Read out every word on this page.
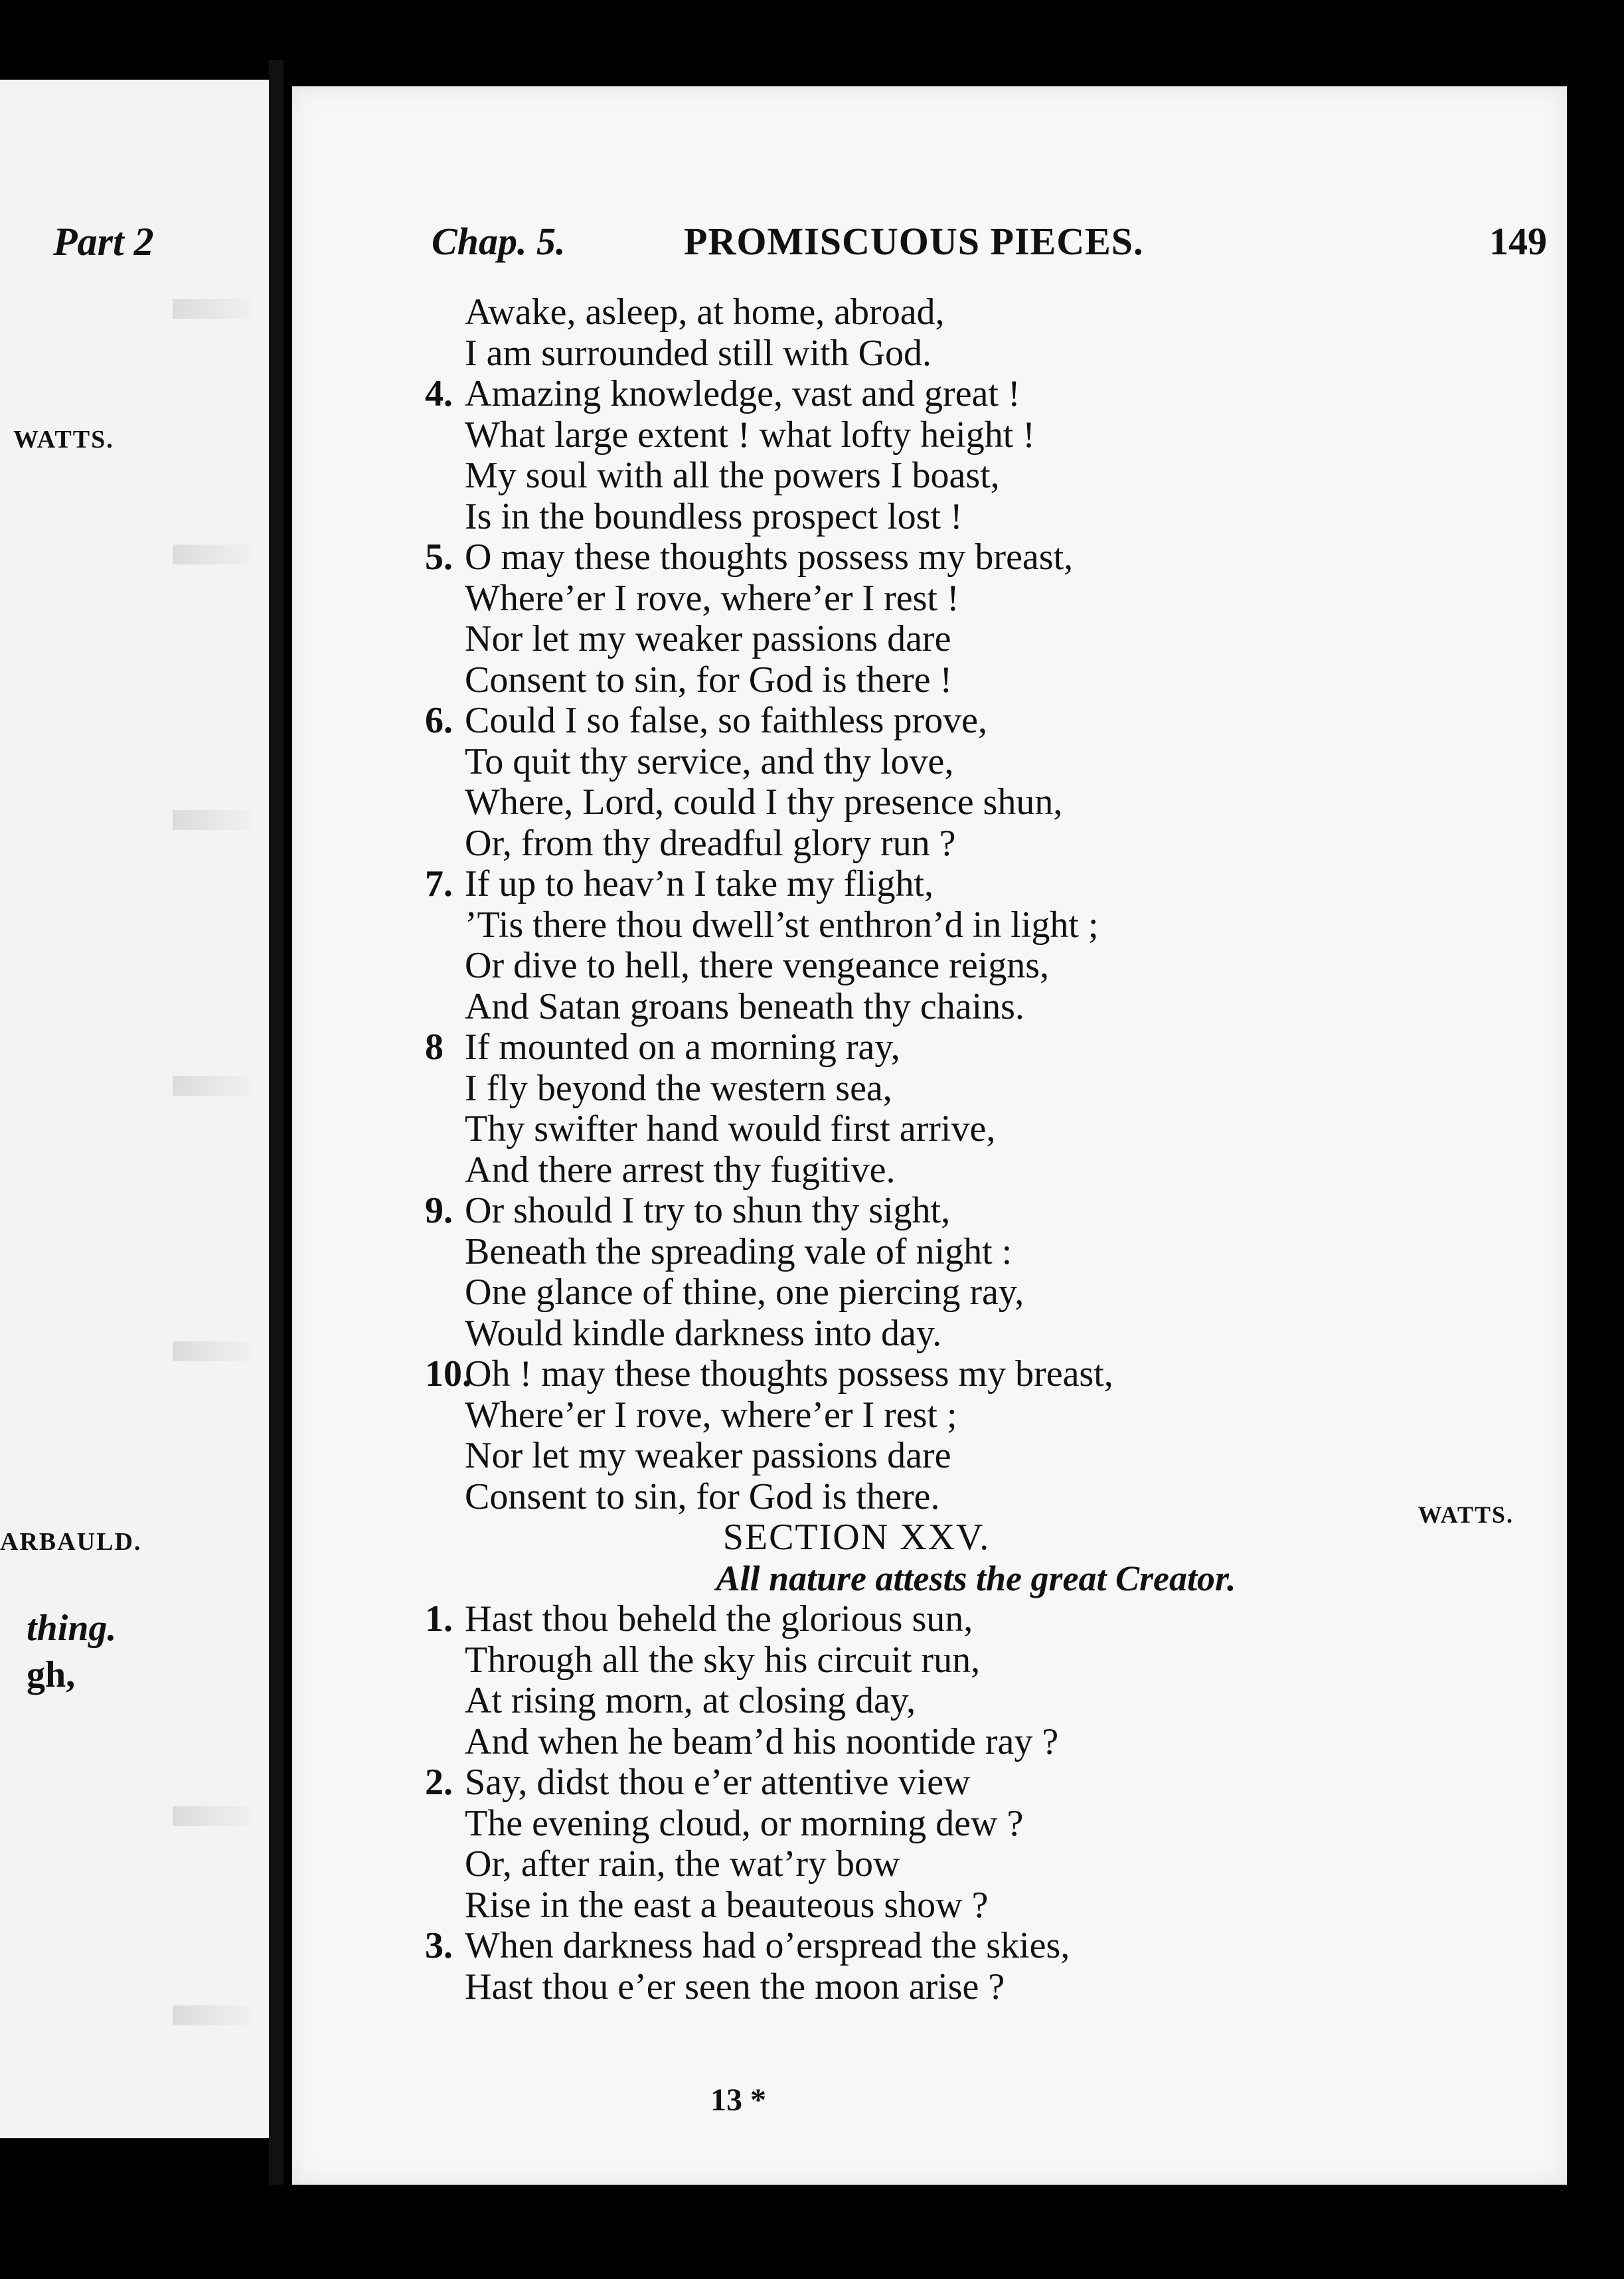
Part 2
WATTS.
ARBAULD.
thing.
gh,
Chap. 5.	PROMISCUOUS PIECES.	149
Awake, asleep, at home, abroad,
I am surrounded still with God.
4. Amazing knowledge, vast and great !
What large extent ! what lofty height !
My soul with all the powers I boast,
Is in the boundless prospect lost !
5. O may these thoughts possess my breast,
Where’er I rove, where’er I rest !
Nor let my weaker passions dare
Consent to sin, for God is there !
6. Could I so false, so faithless prove,
To quit thy service, and thy love,
Where, Lord, could I thy presence shun,
Or, from thy dreadful glory run ?
7. If up to heav’n I take my flight,
’Tis there thou dwell’st enthron’d in light ;
Or dive to hell, there vengeance reigns,
And Satan groans beneath thy chains.
8 If mounted on a morning ray,
I fly beyond the western sea,
Thy swifter hand would first arrive,
And there arrest thy fugitive.
9. Or should I try to shun thy sight,
Beneath the spreading vale of night :
One glance of thine, one piercing ray,
Would kindle darkness into day.
10.Oh ! may these thoughts possess my breast,
Where’er I rove, where’er I rest ;
Nor let my weaker passions dare
Consent to sin, for God is there.
SECTION XXV.
All nature attests the great Creator.
1. Hast thou beheld the glorious sun,
Through all the sky his circuit run,
At rising morn, at closing day,
And when he beam’d his noontide ray ?
2. Say, didst thou e’er attentive view
The evening cloud, or morning dew ?
Or, after rain, the wat’ry bow
Rise in the east a beauteous show ?
3. When darkness had o’erspread the skies,
Hast thou e’er seen the moon arise ?
WATTS.
13 *
